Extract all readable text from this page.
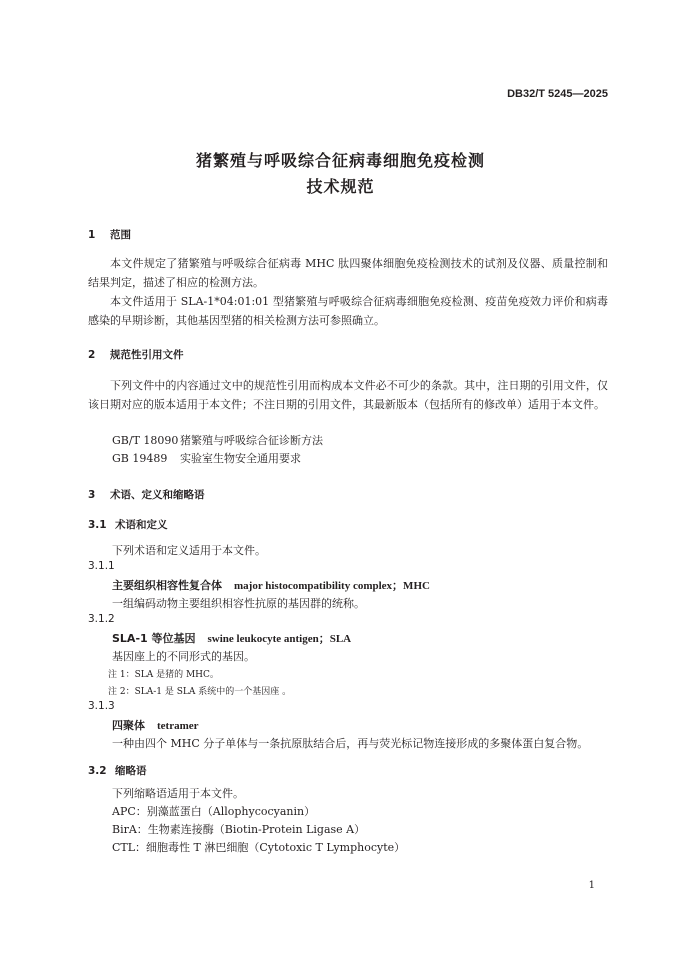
DB32/T 5245—2025
猪繁殖与呼吸综合征病毒细胞免疫检测
技术规范
1 范围
本文件规定了猪繁殖与呼吸综合征病毒 MHC 肽四聚体细胞免疫检测技术的试剂及仪器、质量控制和结果判定，描述了相应的检测方法。
本文件适用于 SLA-1*04:01:01 型猪繁殖与呼吸综合征病毒细胞免疫检测、疫苗免疫效力评价和病毒感染的早期诊断，其他基因型猪的相关检测方法可参照确立。
2 规范性引用文件
下列文件中的内容通过文中的规范性引用而构成本文件必不可少的条款。其中，注日期的引用文件，仅该日期对应的版本适用于本文件；不注日期的引用文件，其最新版本（包括所有的修改单）适用于本文件。
GB/T 18090 猪繁殖与呼吸综合征诊断方法
GB 19489 实验室生物安全通用要求
3 术语、定义和缩略语
3.1 术语和定义
下列术语和定义适用于本文件。
3.1.1
主要组织相容性复合体 major histocompatibility complex；MHC
一组编码动物主要组织相容性抗原的基因群的统称。
3.1.2
SLA-1 等位基因 swine leukocyte antigen；SLA
基因座上的不同形式的基因。
注 1：SLA 是猪的 MHC。
注 2：SLA-1 是 SLA 系统中的一个基因座 。
3.1.3
四聚体 tetramer
一种由四个 MHC 分子单体与一条抗原肽结合后，再与荧光标记物连接形成的多聚体蛋白复合物。
3.2 缩略语
下列缩略语适用于本文件。
APC：别藻蓝蛋白（Allophycocyanin）
BirA：生物素连接酶（Biotin-Protein Ligase A）
CTL：细胞毒性 T 淋巴细胞（Cytotoxic T Lymphocyte）
1
